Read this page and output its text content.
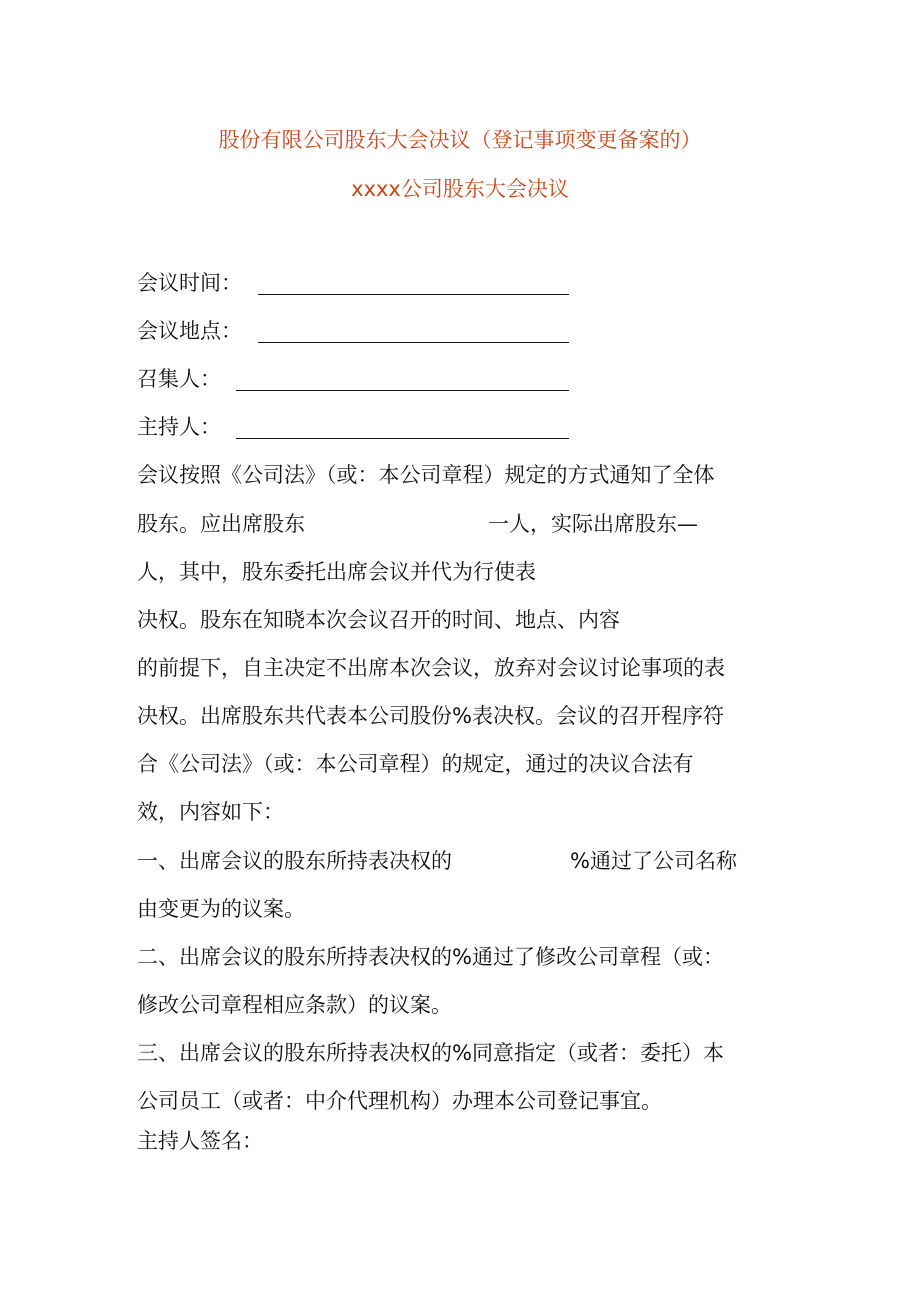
股份有限公司股东大会决议（登记事项变更备案的）
xxxx公司股东大会决议
会议时间：
会议地点：
召集人：
主持人：
会议按照《公司法》（或：本公司章程）规定的方式通知了全体
股东。应出席股东	一人，实际出席股东—
人，其中，股东委托出席会议并代为行使表
决权。股东在知晓本次会议召开的时间、地点、内容
的前提下，自主决定不出席本次会议，放弃对会议讨论事项的表
决权。出席股东共代表本公司股份%表决权。会议的召开程序符
合《公司法》（或：本公司章程）的规定，通过的决议合法有
效，内容如下：
一、出席会议的股东所持表决权的	%通过了公司名称
由变更为的议案。
二、出席会议的股东所持表决权的%通过了修改公司章程（或：
修改公司章程相应条款）的议案。
三、出席会议的股东所持表决权的%同意指定（或者：委托）本
公司员工（或者：中介代理机构）办理本公司登记事宜。
主持人签名：
